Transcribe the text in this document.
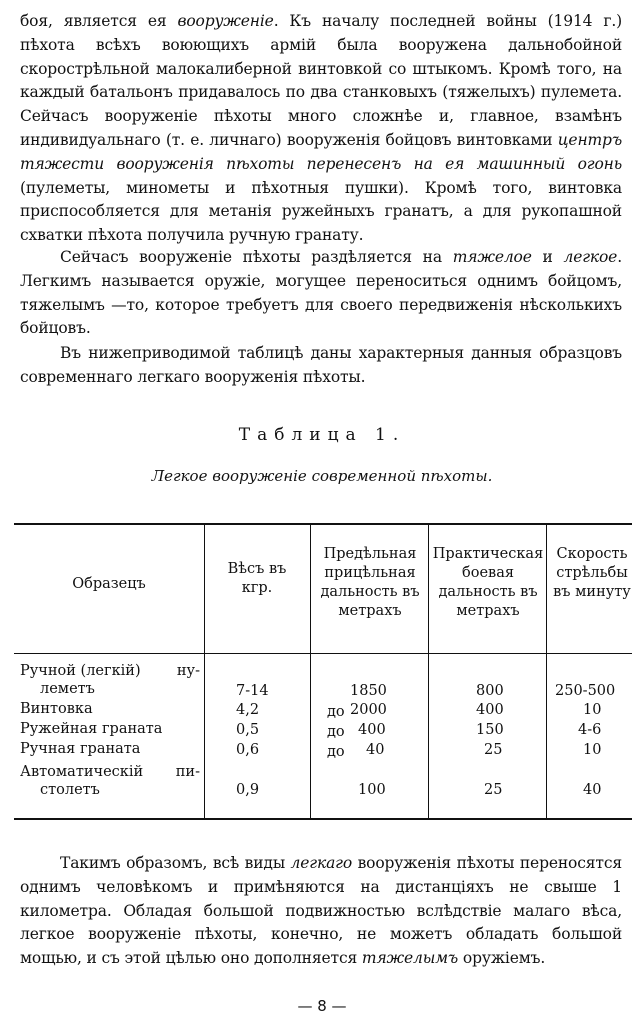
боя, является ея вооруженіе. Къ началу последней войны (1914 г.) пѣхота всѣхъ воюющихъ армій была вооружена дальнобойной скорострѣльной малокалиберной винтовкой со штыкомъ. Кромѣ того, на каждый батальонъ придавалось по два станковыхъ (тяжелыхъ) пулемета. Сейчасъ вооруженіе пѣхоты много сложнѣе и, главное, взамѣнъ индивидуальнаго (т. е. личнаго) вооруженія бойцовъ винтовками центръ тяжести вооруженія пѣхоты перенесенъ на ея машинный огонь (пулеметы, минометы и пѣхотныя пушки). Кромѣ того, винтовка приспособляется для метанія ружейныхъ гранатъ, а для рукопашной схватки пѣхота получила ручную гранату.

Сейчасъ вооруженіе пѣхоты раздѣляется на тяжелое и легкое. Легкимъ называется оружіе, могущее переноситься однимъ бойцомъ, тяжелымъ —то, которое требуетъ для своего передвиженія нѣсколькихъ бойцовъ.

Въ нижеприводимой таблицѣ даны характерныя данныя образцовъ современнаго легкаго вооруженія пѣхоты.

Таблица 1.
Легкое вооруженіе современной пѣхоты.
Образецъ
Вѣсъ въ кгр.
Предѣльная прицѣльная дальность въ метрахъ
Практическая боевая дальность въ метрахъ
Скорость стрѣльбы въ минуту
Ручной (легкій)	ну-
леметъ
Винтовка
Ружейная граната
Ручная граната
Автоматическій пи-
столетъ
7-14
4,2
0,5
0,6
0,9
до
до
до
1850
2000
400
40
100
800
400
150
25
25
250-500
10
4-6
10
40

Такимъ образомъ, всѣ виды легкаго вооруженія пѣхоты переносятся однимъ человѣкомъ и примѣняются на дистанціяхъ не свыше 1 километра. Обладая большой подвижностью вслѣдствіе малаго вѣса, легкое вооруженіе пѣхоты, конечно, не можетъ обладать большой мощью, и съ этой цѣлью оно дополняется тяжелымъ оружіемъ.

— 8 —
